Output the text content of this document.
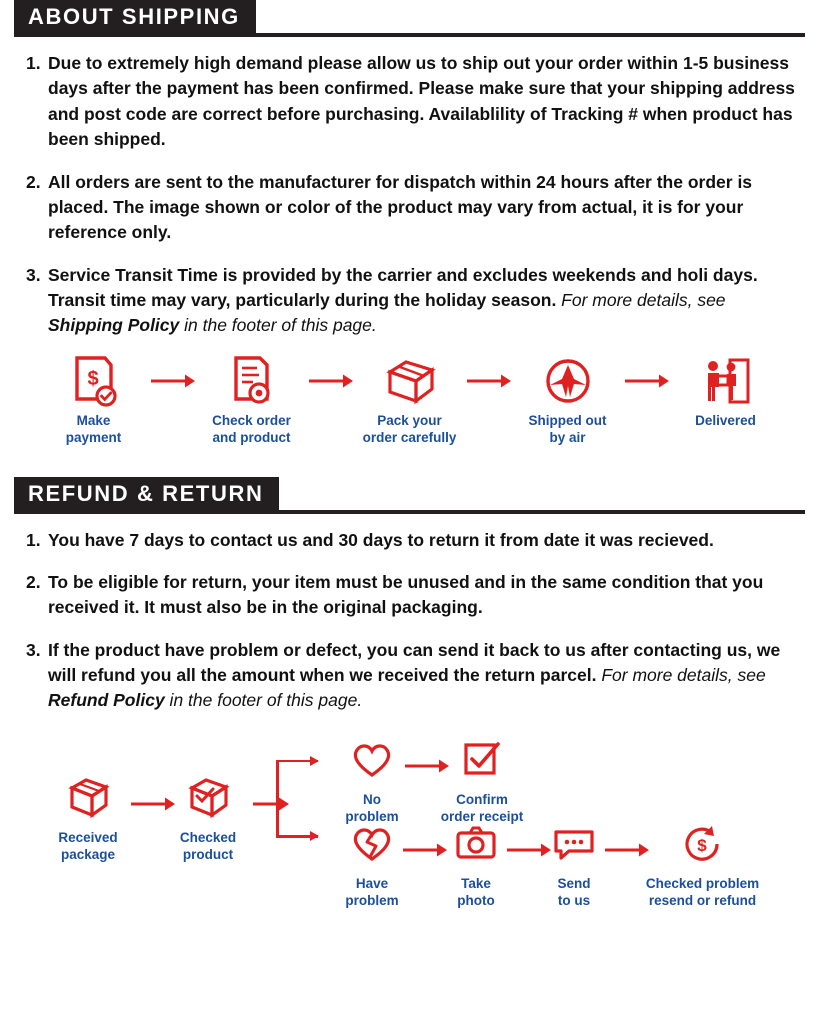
ABOUT SHIPPING
1. Due to extremely high demand please allow us to ship out your order within 1-5 business days after the payment has been confirmed. Please make sure that your shipping address and post code are correct before purchasing. Availablility of Tracking # when product has been shipped.
2. All orders are sent to the manufacturer for dispatch within 24 hours after the order is placed. The image shown or color of the product may vary from actual, it is for your reference only.
3. Service Transit Time is provided by the carrier and excludes weekends and holi days. Transit time may vary, particularly during the holiday season. For more details, see Shipping Policy in the footer of this page.
$
Make
payment
Check order
and product
Pack your
order carefully
Shipped out
by air
Delivered
REFUND & RETURN
1. You have 7 days to contact us and 30 days to return it from date it was recieved.
2. To be eligible for return, your item must be unused and in the same condition that you received it. It must also be in the original packaging.
3. If the product have problem or defect, you can send it back to us after contacting us, we will refund you all the amount when we received the return parcel. For more details, see Refund Policy in the footer of this page.
Received
package
Checked
product
No
problem
Confirm
order receipt
Have
problem
Take
photo
Send
to us
$
Checked problem
resend or refund
